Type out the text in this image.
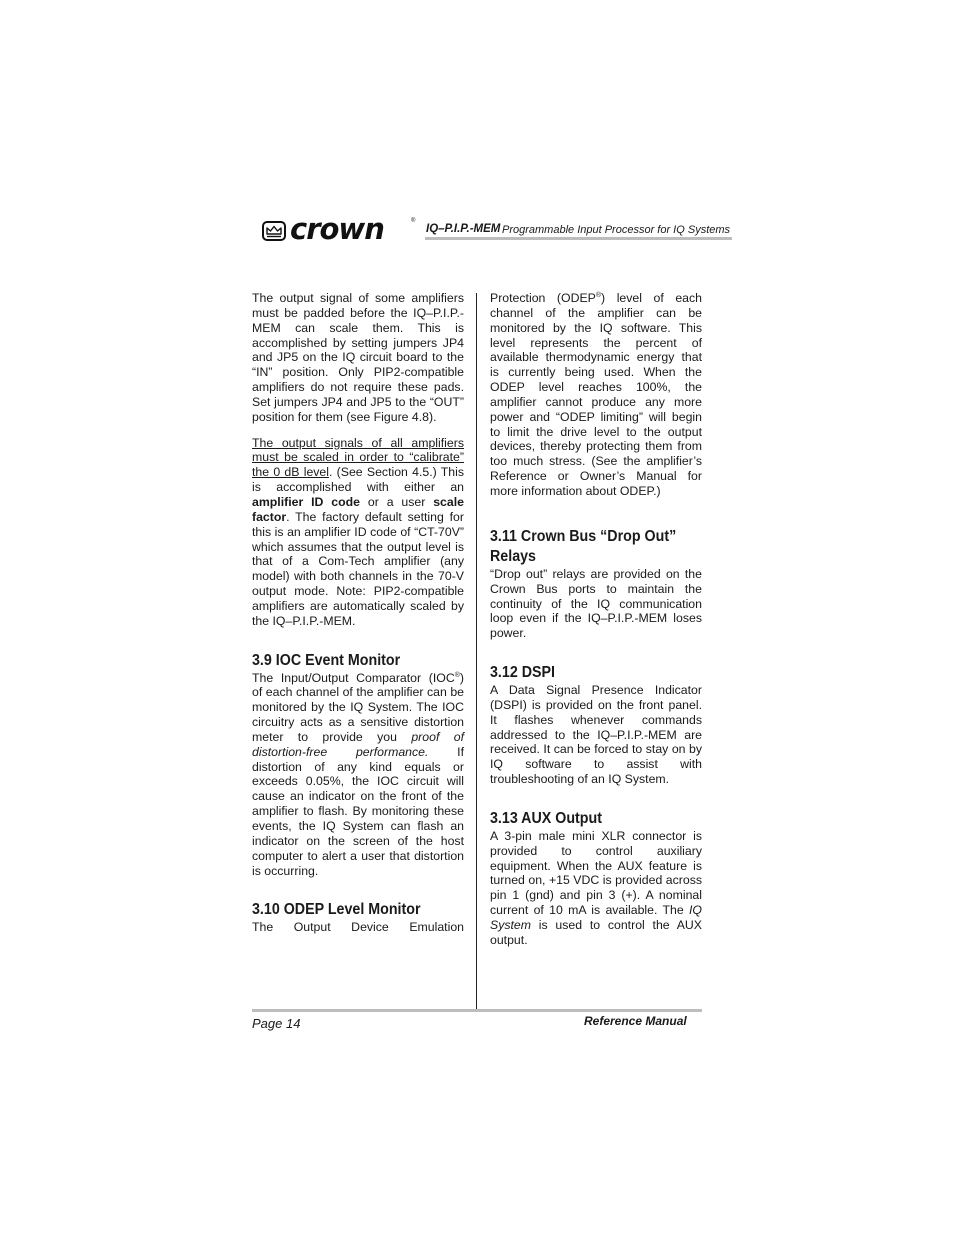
crown	®
IQ–P.I.P.-MEM Programmable Input Processor for IQ Systems

The output signal of some amplifiers must be padded before the IQ–P.I.P.-MEM can scale them. This is accomplished by setting jumpers JP4 and JP5 on the IQ circuit board to the “IN” position. Only PIP2-compatible amplifiers do not require these pads. Set jumpers JP4 and JP5 to the “OUT” position for them (see Figure 4.8).

The output signals of all amplifiers must be scaled in order to “calibrate” the 0 dB level. (See Section 4.5.) This is accomplished with either an amplifier ID code or a user scale factor. The factory default setting for this is an amplifier ID code of “CT-70V” which assumes that the output level is that of a Com-Tech amplifier (any model) with both channels in the 70-V output mode. Note: PIP2-compatible amplifiers are automatically scaled by the IQ–P.I.P.-MEM.

3.9 IOC Event Monitor

The Input/Output Comparator (IOC®) of each channel of the amplifier can be monitored by the IQ System. The IOC circuitry acts as a sensitive distortion meter to provide you proof of distortion-free performance. If distortion of any kind equals or exceeds 0.05%, the IOC circuit will cause an indicator on the front of the amplifier to flash. By monitoring these events, the IQ System can flash an indicator on the screen of the host computer to alert a user that distortion is occurring.

3.10 ODEP Level Monitor

The Output Device Emulation

Protection (ODEP®) level of each channel of the amplifier can be monitored by the IQ software. This level represents the percent of available thermodynamic energy that is currently being used. When the ODEP level reaches 100%, the amplifier cannot produce any more power and “ODEP limiting” will begin to limit the drive level to the output devices, thereby protecting them from too much stress. (See the amplifier’s Reference or Owner’s Manual for more information about ODEP.)

3.11 Crown Bus “Drop Out” Relays

“Drop out” relays are provided on the Crown Bus ports to maintain the continuity of the IQ communication loop even if the IQ–P.I.P.-MEM loses power.

3.12 DSPI

A Data Signal Presence Indicator (DSPI) is provided on the front panel. It flashes whenever commands addressed to the IQ–P.I.P.-MEM are received. It can be forced to stay on by IQ software to assist with troubleshooting of an IQ System.

3.13 AUX Output

A 3-pin male mini XLR connector is provided to control auxiliary equipment. When the AUX feature is turned on, +15 VDC is provided across pin 1 (gnd) and pin 3 (+). A nominal current of 10 mA is available. The IQ System is used to control the AUX output.

Page 14	Reference Manual
